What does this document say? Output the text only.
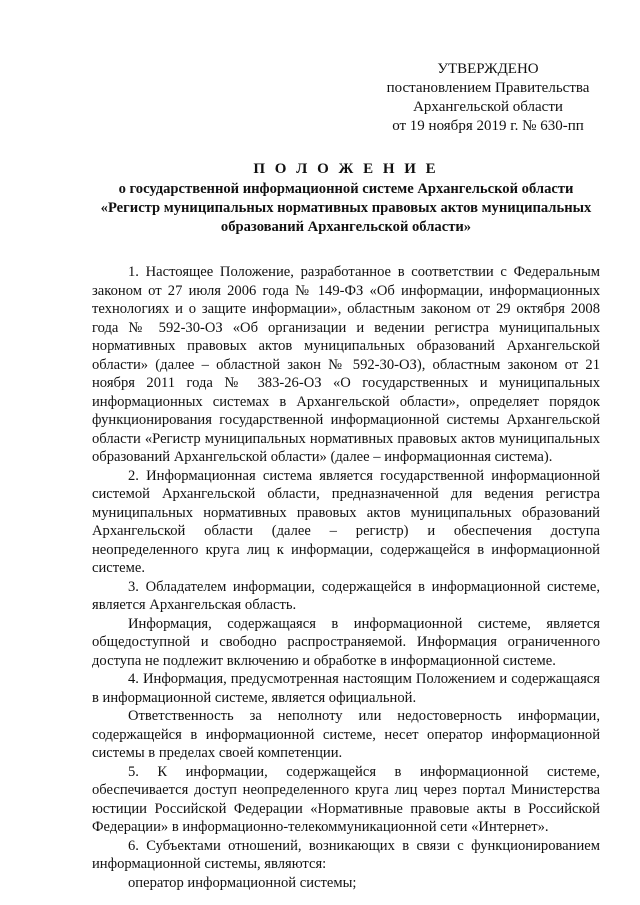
УТВЕРЖДЕНО
постановлением Правительства
Архангельской области
от 19 ноября 2019 г. № 630-пп
П О Л О Ж Е Н И Е
о государственной информационной системе Архангельской области «Регистр муниципальных нормативных правовых актов муниципальных образований Архангельской области»

1. Настоящее Положение, разработанное в соответствии с Федеральным законом от 27 июля 2006 года № 149-ФЗ «Об информации, информационных технологиях и о защите информации», областным законом от 29 октября 2008 года № 592-30-ОЗ «Об организации и ведении регистра муниципальных нормативных правовых актов муниципальных образований Архангельской области» (далее – областной закон № 592-30-ОЗ), областным законом от 21 ноября 2011 года № 383-26-ОЗ «О государственных и муниципальных информационных системах в Архангельской области», определяет порядок функционирования государственной информационной системы Архангельской области «Регистр муниципальных нормативных правовых актов муниципальных образований Архангельской области» (далее – информационная система).

2. Информационная система является государственной информационной системой Архангельской области, предназначенной для ведения регистра муниципальных нормативных правовых актов муниципальных образований Архангельской области (далее – регистр) и обеспечения доступа неопределенного круга лиц к информации, содержащейся в информационной системе.

3. Обладателем информации, содержащейся в информационной системе, является Архангельская область.

Информация, содержащаяся в информационной системе, является общедоступной и свободно распространяемой. Информация ограниченного доступа не подлежит включению и обработке в информационной системе.

4. Информация, предусмотренная настоящим Положением и содержащаяся в информационной системе, является официальной.

Ответственность за неполноту или недостоверность информации, содержащейся в информационной системе, несет оператор информационной системы в пределах своей компетенции.

5. К информации, содержащейся в информационной системе, обеспечивается доступ неопределенного круга лиц через портал Министерства юстиции Российской Федерации «Нормативные правовые акты в Российской Федерации» в информационно-телекоммуникационной сети «Интернет».

6. Субъектами отношений, возникающих в связи с функционированием информационной системы, являются:

оператор информационной системы;
